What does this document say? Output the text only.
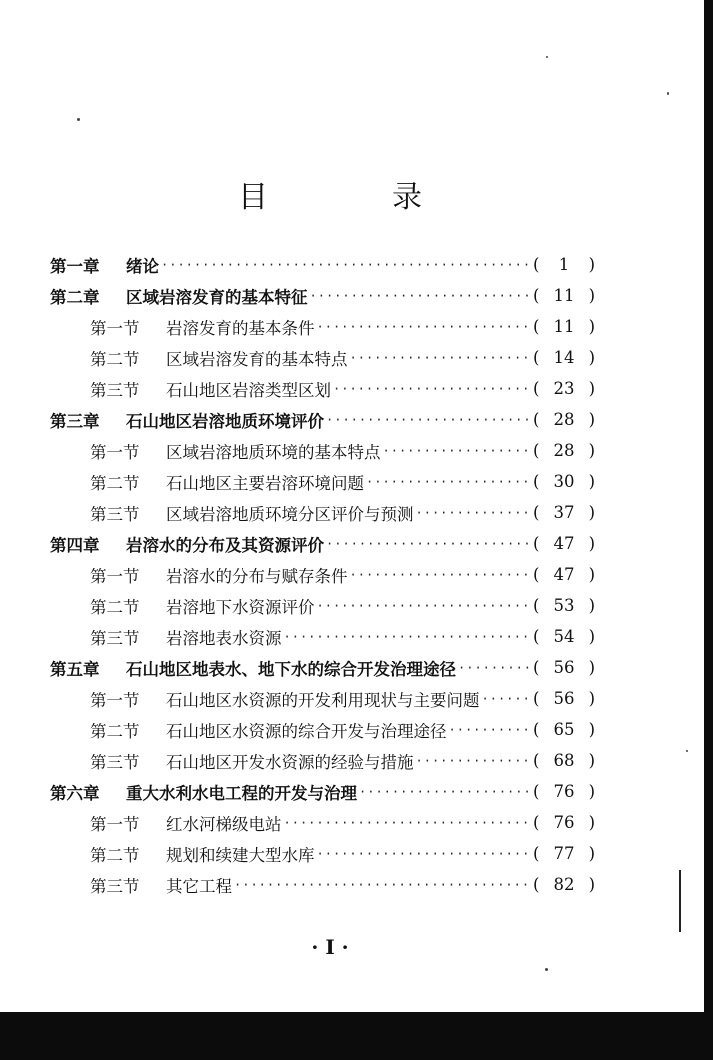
目	录
第一章	绪论 ·····	(	1	)
第二章	区域岩溶发育的基本特征 ·····	( 11 )
第一节	岩溶发育的基本条件 ·····	( 11 )
第二节	区域岩溶发育的基本特点 ·····	( 14 )
第三节	石山地区岩溶类型区划 ·····	( 23 )
第三章	石山地区岩溶地质环境评价 ·····	( 28 )
第一节	区域岩溶地质环境的基本特点 ·····	( 28 )
第二节	石山地区主要岩溶环境问题 ·····	( 30 )
第三节	区域岩溶地质环境分区评价与预测 ·····	( 37 )
第四章	岩溶水的分布及其资源评价 ·····	( 47 )
第一节	岩溶水的分布与赋存条件 ·····	( 47 )
第二节	岩溶地下水资源评价 ·····	( 53 )
第三节	岩溶地表水资源 ·····	( 54 )
第五章	石山地区地表水、地下水的综合开发治理途径 ·····	( 56 )
第一节	石山地区水资源的开发利用现状与主要问题 ·····	( 56 )
第二节	石山地区水资源的综合开发与治理途径 ·····	( 65 )
第三节	石山地区开发水资源的经验与措施 ·····	( 68 )
第六章	重大水利水电工程的开发与治理 ·····	( 76 )
第一节	红水河梯级电站 ·····	( 76 )
第二节	规划和续建大型水库 ·····	( 77 )
第三节	其它工程 ·····	( 82 )
· I ·
